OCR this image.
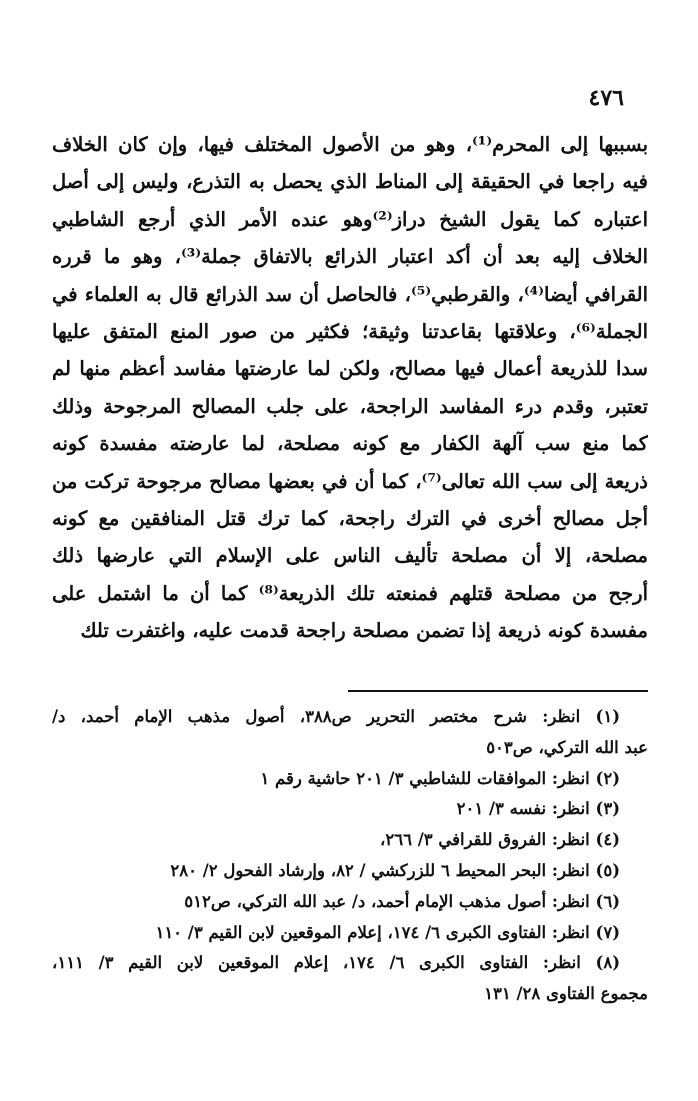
٤٧٦
بسببها إلى المحرم⁽¹⁾، وهو من الأصول المختلف فيها، وإن كان الخلاف
فيه راجعا في الحقيقة إلى المناط الذي يحصل به التذرع، وليس إلى أصل
اعتباره كما يقول الشيخ دراز⁽²⁾وهو عنده الأمر الذي أرجع الشاطبي
الخلاف إليه بعد أن أكد اعتبار الذرائع بالاتفاق جملة⁽³⁾، وهو ما قرره
القرافي أيضا⁽⁴⁾، والقرطبي⁽⁵⁾، فالحاصل أن سد الذرائع قال به العلماء في
الجملة⁽⁶⁾، وعلاقتها بقاعدتنا وثيقة؛ فكثير من صور المنع المتفق عليها
سدا للذريعة أعمال فيها مصالح، ولكن لما عارضتها مفاسد أعظم منها لم
تعتبر، وقدم درء المفاسد الراجحة، على جلب المصالح المرجوحة وذلك
كما منع سب آلهة الكفار مع كونه مصلحة، لما عارضته مفسدة كونه
ذريعة إلى سب الله تعالى⁽⁷⁾، كما أن في بعضها مصالح مرجوحة تركت من
أجل مصالح أخرى في الترك راجحة، كما ترك قتل المنافقين مع كونه
مصلحة، إلا أن مصلحة تأليف الناس على الإسلام التي عارضها ذلك
أرجح من مصلحة قتلهم فمنعته تلك الذريعة⁽⁸⁾ كما أن ما اشتمل على
مفسدة كونه ذريعة إذا تضمن مصلحة راجحة قدمت عليه، واغتفرت تلك
(١) انظر: شرح مختصر التحرير ص٣٨٨، أصول مذهب الإمام أحمد، د/
عبد الله التركي، ص٥٠٣
(٢) انظر: الموافقات للشاطبي ٣/ ٢٠١ حاشية رقم ١
(٣) انظر: نفسه ٣/ ٢٠١
(٤) انظر: الفروق للقرافي ٣/ ٢٦٦،
(٥) انظر: البحر المحيط ٦ للزركشي / ٨٢، وإرشاد الفحول ٢/ ٢٨٠
(٦) انظر: أصول مذهب الإمام أحمد، د/ عبد الله التركي، ص٥١٢
(٧) انظر: الفتاوى الكبرى ٦/ ١٧٤، إعلام الموقعين لابن القيم ٣/ ١١٠
(٨) انظر: الفتاوى الكبرى ٦/ ١٧٤، إعلام الموقعين لابن القيم ٣/ ١١١،
مجموع الفتاوى ٢٨/ ١٣١
